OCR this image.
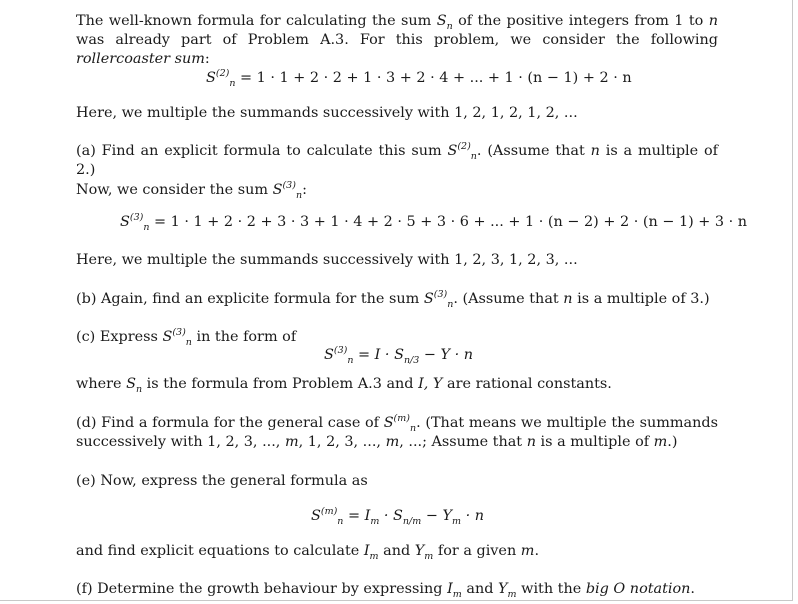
The well-known formula for calculating the sum $S_n$ of the positive integers from 1 to n was already part of Problem A.3. For this problem, we consider the following rollercoaster sum:
$S^{(2)}_n = 1 \cdot 1 + 2 \cdot 2 + 1 \cdot 3 + 2 \cdot 4$ + ... + 1 · (n − 1) + 2 · n
Here, we multiple the summands successively with 1, 2, 1, 2, 1, 2, ...
(a) Find an explicit formula to calculate this sum $S^{(2)}_n$. (Assume that n is a multiple of 2.)
Now, we consider the sum $S^{(3)}_n$:
$S^{(3)}_n = 1 \cdot 1 + 2 \cdot 2 + 3 \cdot 3 + 1 \cdot 4 + 2 \cdot 5 + 3 \cdot 6$ + ... + 1 · (n − 2) + 2 · (n − 1) + 3 · n
Here, we multiple the summands successively with 1, 2, 3, 1, 2, 3, ...
(b) Again, find an explicite formula for the sum $S^{(3)}_n$. (Assume that n is a multiple of 3.)
(c) Express $S^{(3)}_n$ in the form of
$S^{(3)}_n = I \cdot S_{n/3} - Y \cdot n$
where $S_n$ is the formula from Problem A.3 and I, Y are rational constants.
(d) Find a formula for the general case of $S^{(m)}_n$. (That means we multiple the summands successively with 1, 2, 3, ..., m, 1, 2, 3, ..., m, ...; Assume that n is a multiple of m.)
(e) Now, express the general formula as
$S^{(m)}_n = I_m \cdot S_{n/m} - Y_m \cdot n$
and find explicit equations to calculate $I_m$ and $Y_m$ for a given m.
(f) Determine the growth behaviour by expressing $I_m$ and $Y_m$ with the big O notation.
